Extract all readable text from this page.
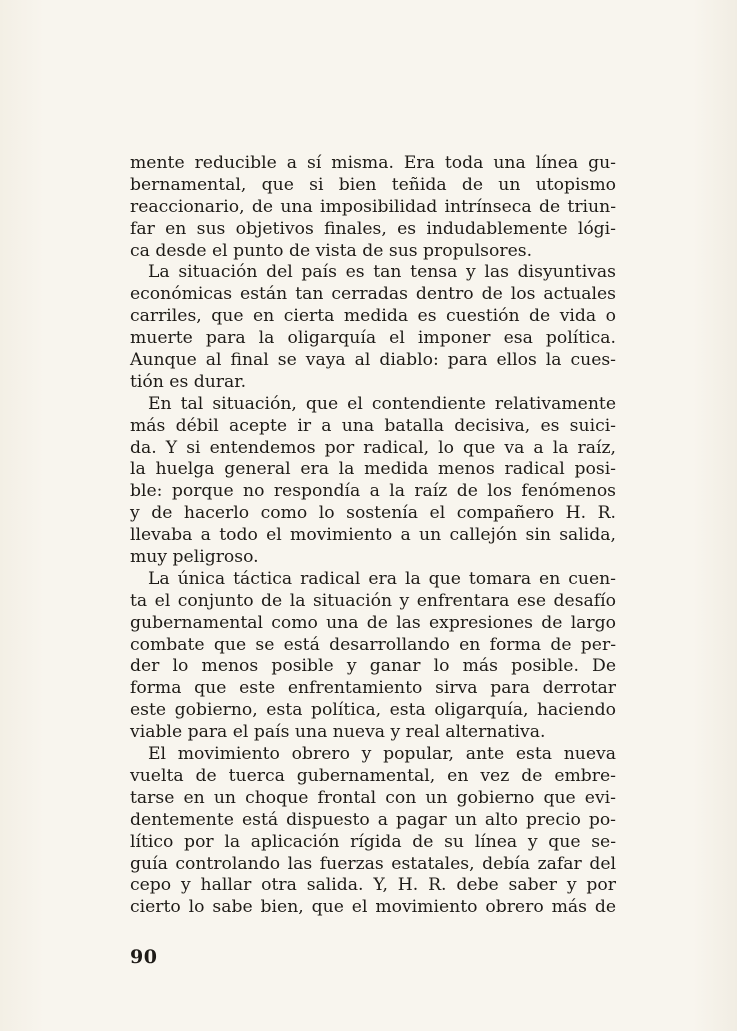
mente reducible a sí misma. Era toda una línea gu-
bernamental, que si bien teñida de un utopismo
reaccionario, de una imposibilidad intrínseca de triun-
far en sus objetivos finales, es indudablemente lógi-
ca desde el punto de vista de sus propulsores.
La situación del país es tan tensa y las disyuntivas
económicas están tan cerradas dentro de los actuales
carriles, que en cierta medida es cuestión de vida o
muerte para la oligarquía el imponer esa política.
Aunque al final se vaya al diablo: para ellos la cues-
tión es durar.
En tal situación, que el contendiente relativamente
más débil acepte ir a una batalla decisiva, es suici-
da. Y si entendemos por radical, lo que va a la raíz,
la huelga general era la medida menos radical posi-
ble: porque no respondía a la raíz de los fenómenos
y de hacerlo como lo sostenía el compañero H. R.
llevaba a todo el movimiento a un callejón sin salida,
muy peligroso.
La única táctica radical era la que tomara en cuen-
ta el conjunto de la situación y enfrentara ese desafío
gubernamental como una de las expresiones de largo
combate que se está desarrollando en forma de per-
der lo menos posible y ganar lo más posible. De
forma que este enfrentamiento sirva para derrotar
este gobierno, esta política, esta oligarquía, haciendo
viable para el país una nueva y real alternativa.
El movimiento obrero y popular, ante esta nueva
vuelta de tuerca gubernamental, en vez de embre-
tarse en un choque frontal con un gobierno que evi-
dentemente está dispuesto a pagar un alto precio po-
lítico por la aplicación rígida de su línea y que se-
guía controlando las fuerzas estatales, debía zafar del
cepo y hallar otra salida. Y, H. R. debe saber y por
cierto lo sabe bien, que el movimiento obrero más de
90
